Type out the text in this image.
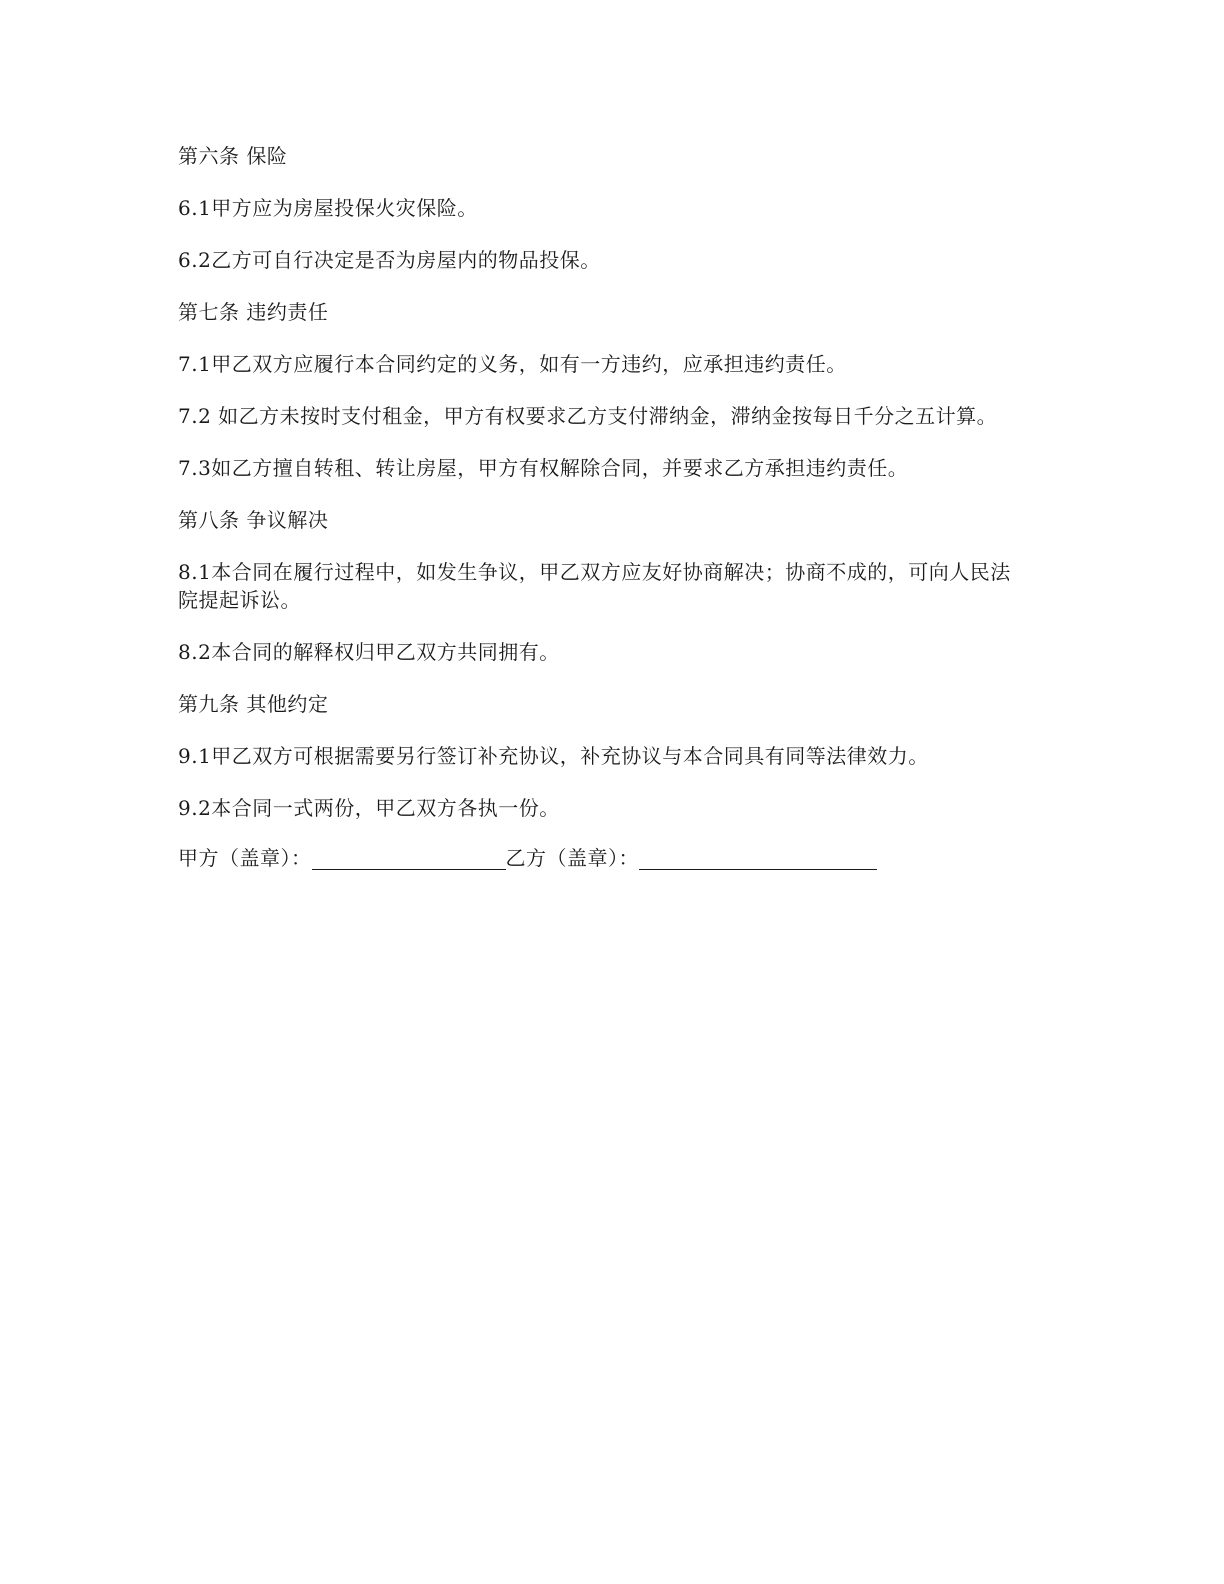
第六条 保险
6.1甲方应为房屋投保火灾保险。
6.2乙方可自行决定是否为房屋内的物品投保。
第七条 违约责任
7.1甲乙双方应履行本合同约定的义务，如有一方违约，应承担违约责任。
7.2 如乙方未按时支付租金，甲方有权要求乙方支付滞纳金，滞纳金按每日千分之五计算。
7.3如乙方擅自转租、转让房屋，甲方有权解除合同，并要求乙方承担违约责任。
第八条 争议解决
8.1本合同在履行过程中，如发生争议，甲乙双方应友好协商解决；协商不成的，可向人民法院提起诉讼。
8.2本合同的解释权归甲乙双方共同拥有。
第九条 其他约定
9.1甲乙双方可根据需要另行签订补充协议，补充协议与本合同具有同等法律效力。
9.2本合同一式两份，甲乙双方各执一份。
甲方（盖章）：	乙方（盖章）：
